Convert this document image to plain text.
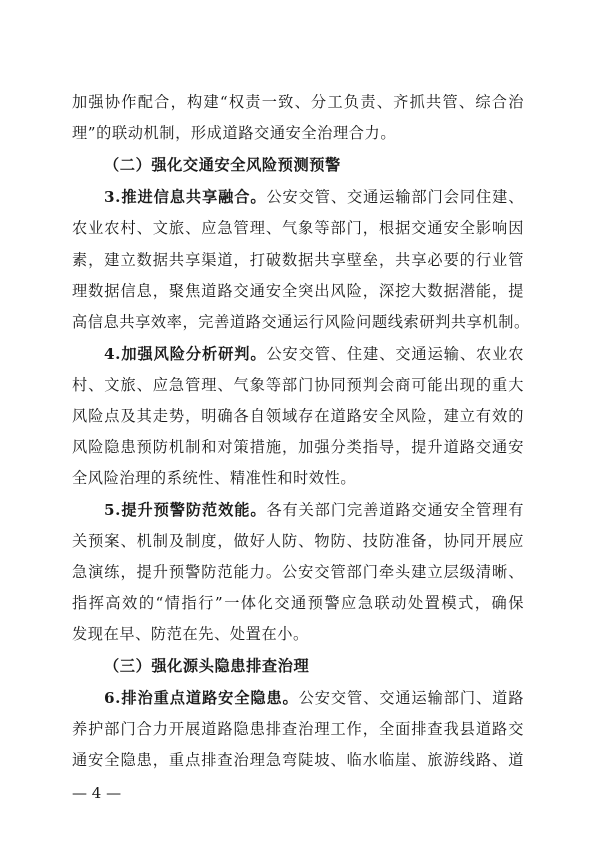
加强协作配合，构建“权责一致、分工负责、齐抓共管、综合治
理”的联动机制，形成道路交通安全治理合力。
（二）强化交通安全风险预测预警
3.推进信息共享融合。公安交管、交通运输部门会同住建、
农业农村、文旅、应急管理、气象等部门，根据交通安全影响因
素，建立数据共享渠道，打破数据共享壁垒，共享必要的行业管
理数据信息，聚焦道路交通安全突出风险，深挖大数据潜能，提
高信息共享效率，完善道路交通运行风险问题线索研判共享机制。
4.加强风险分析研判。公安交管、住建、交通运输、农业农
村、文旅、应急管理、气象等部门协同预判会商可能出现的重大
风险点及其走势，明确各自领域存在道路安全风险，建立有效的
风险隐患预防机制和对策措施，加强分类指导，提升道路交通安
全风险治理的系统性、精准性和时效性。
5.提升预警防范效能。各有关部门完善道路交通安全管理有
关预案、机制及制度，做好人防、物防、技防准备，协同开展应
急演练，提升预警防范能力。公安交管部门牵头建立层级清晰、
指挥高效的“情指行”一体化交通预警应急联动处置模式，确保
发现在早、防范在先、处置在小。
（三）强化源头隐患排查治理
6.排治重点道路安全隐患。公安交管、交通运输部门、道路
养护部门合力开展道路隐患排查治理工作，全面排查我县道路交
通安全隐患，重点排查治理急弯陡坡、临水临崖、旅游线路、道
— 4 —
